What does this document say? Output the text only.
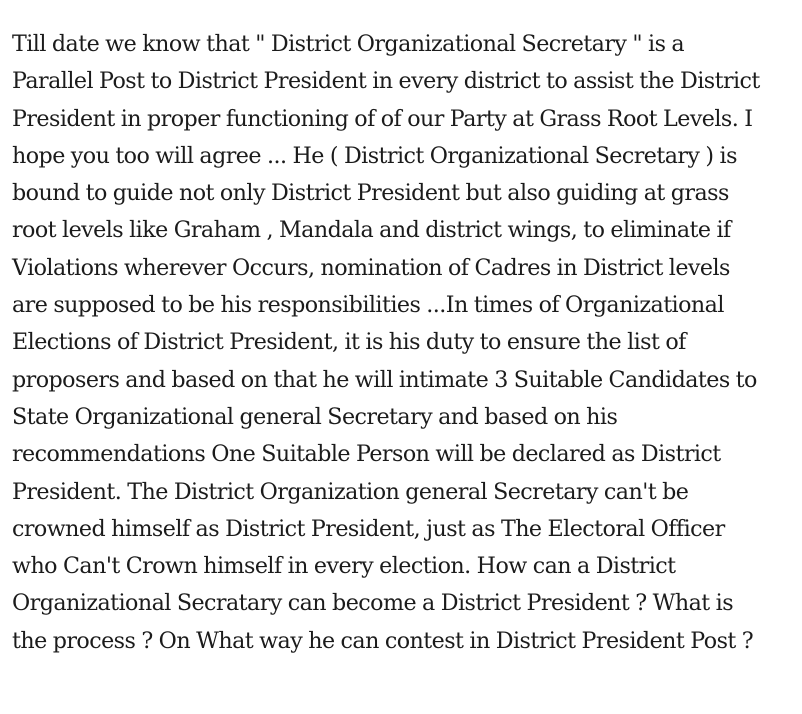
Till date we know that " District Organizational Secretary " is a
Parallel Post to District President in every district to assist the District
President in proper functioning of of our Party at Grass Root Levels. I
hope you too will agree ... He ( District Organizational Secretary ) is
bound to guide not only District President but also guiding at grass
root levels like Graham , Mandala and district wings, to eliminate if
Violations wherever Occurs, nomination of Cadres in District levels
are supposed to be his responsibilities ...In times of Organizational
Elections of District President, it is his duty to ensure the list of
proposers and based on that he will intimate 3 Suitable Candidates to
State Organizational general Secretary and based on his
recommendations One Suitable Person will be declared as District
President. The District Organization general Secretary can't be
crowned himself as District President, just as The Electoral Officer
who Can't Crown himself in every election. How can a District
Organizational Secratary can become a District President ? What is
the process ? On What way he can contest in District President Post ?
